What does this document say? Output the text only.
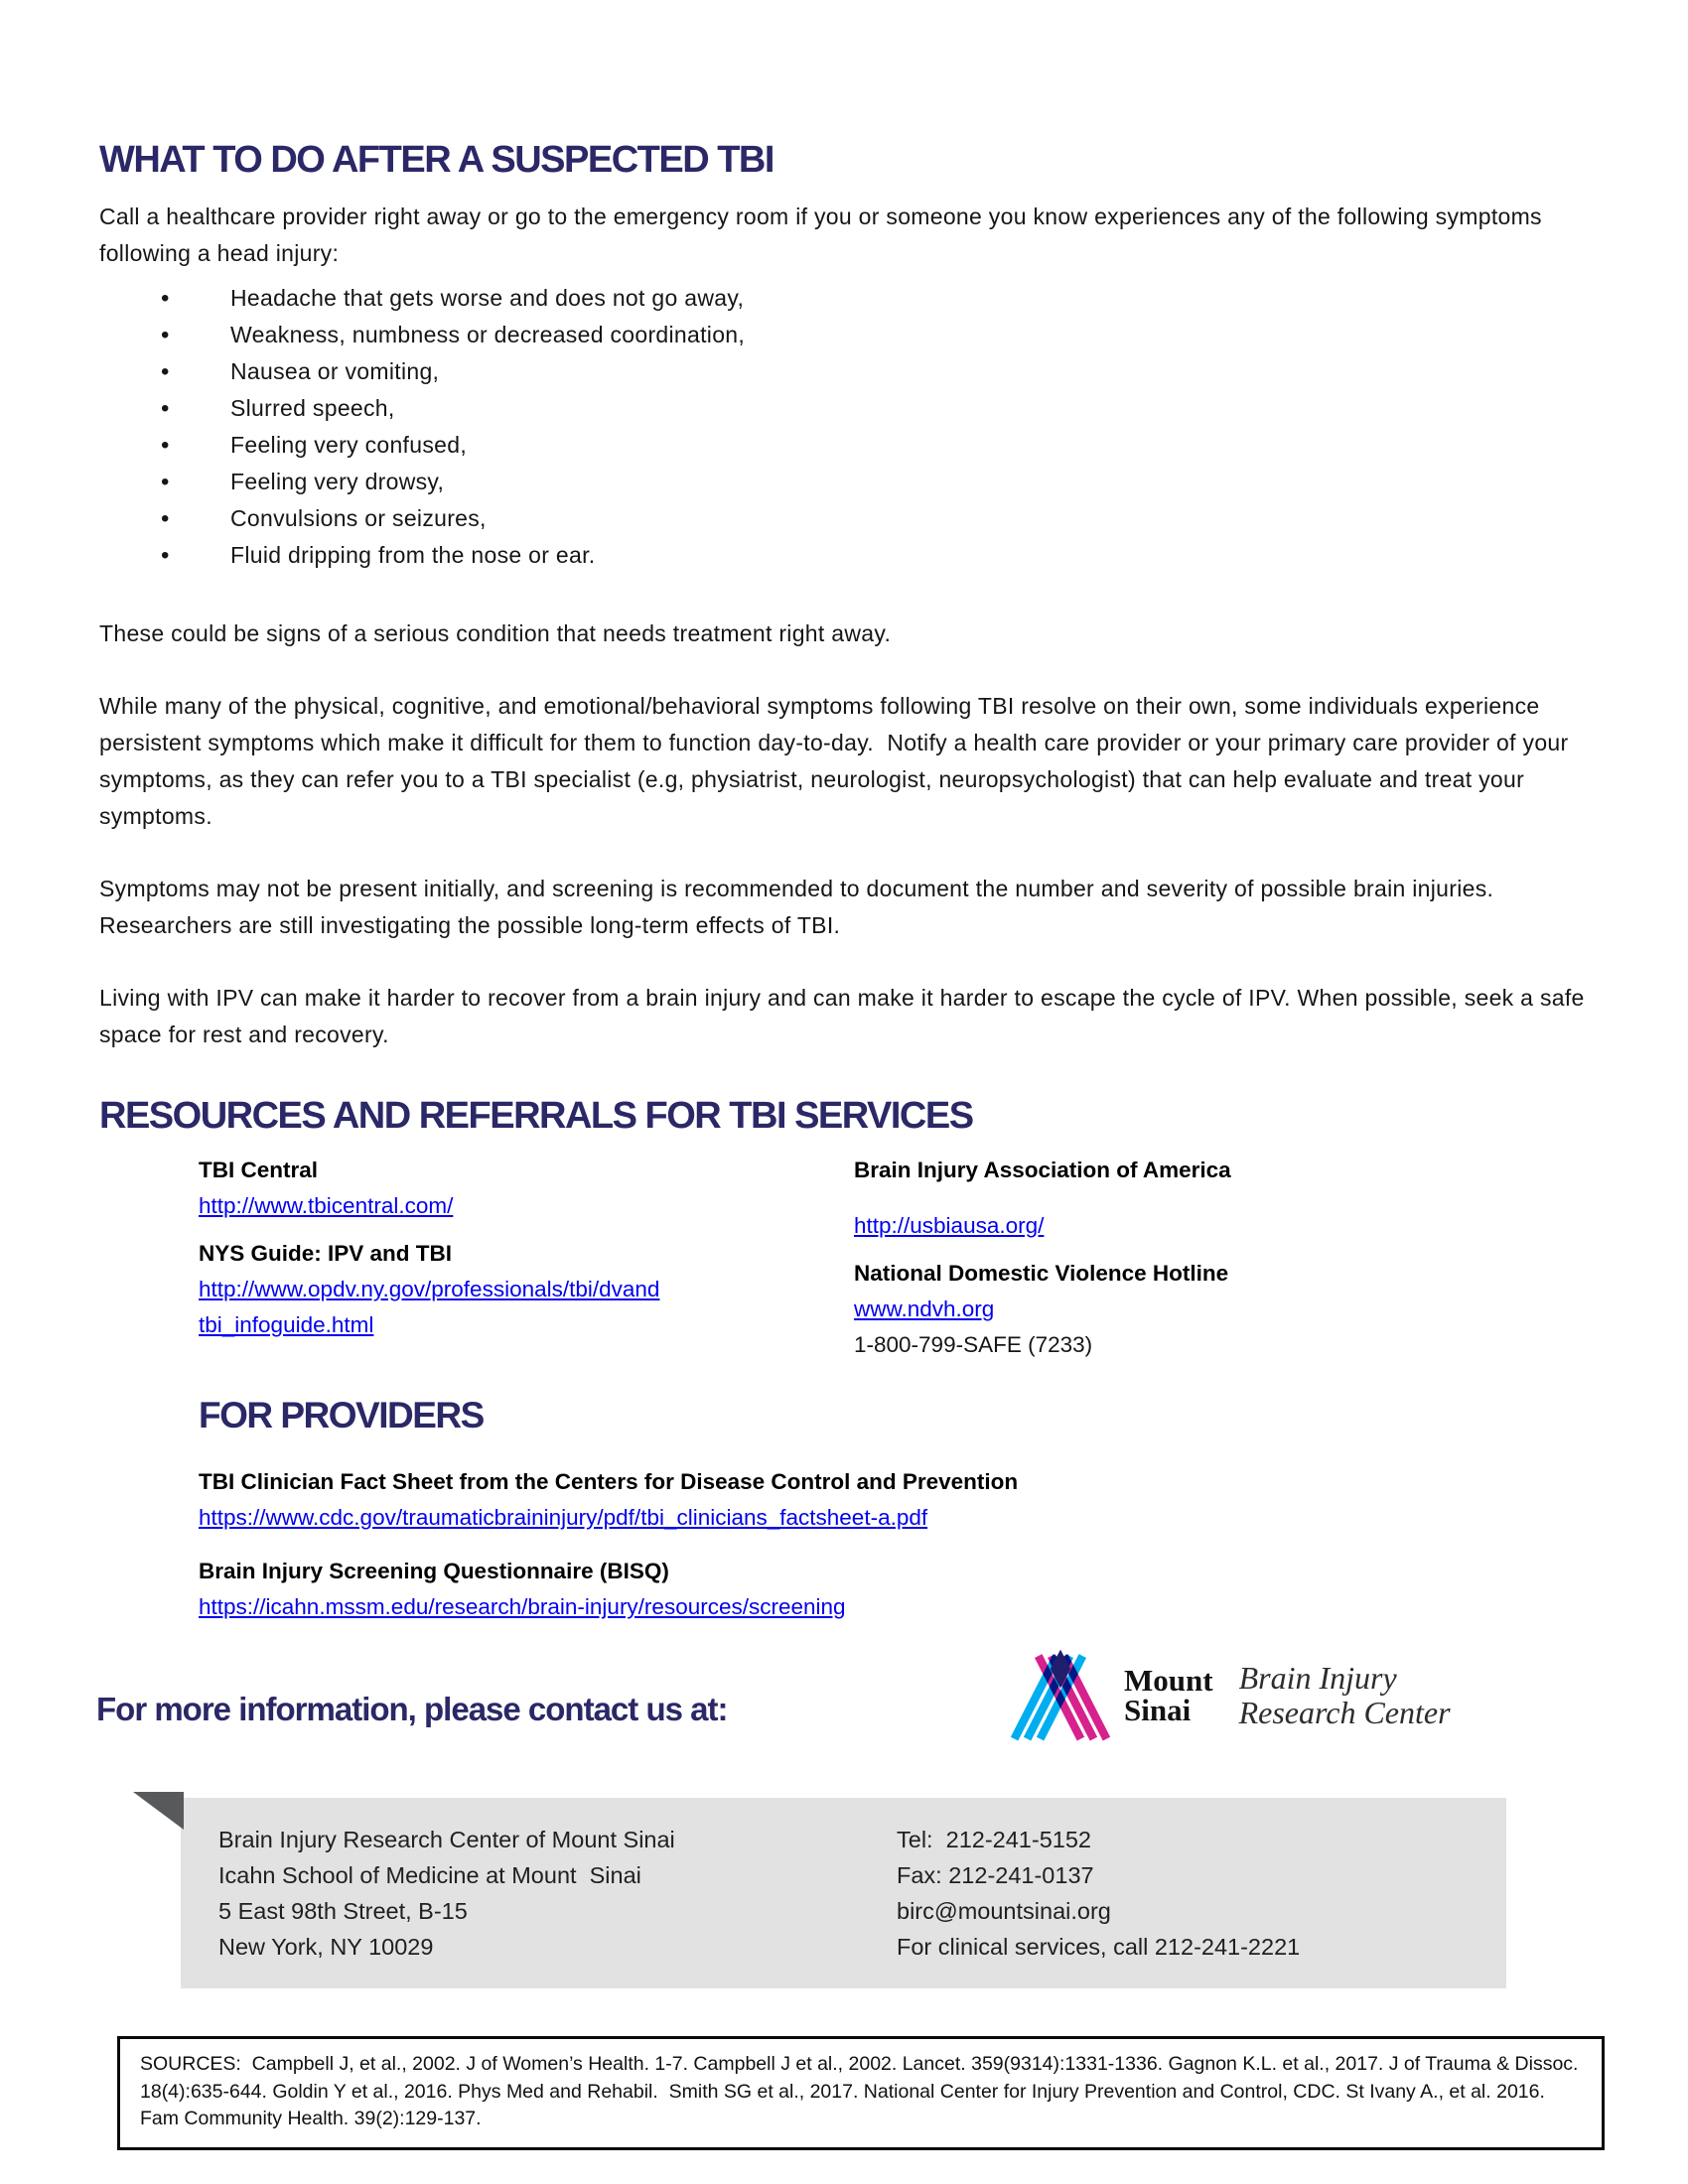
WHAT TO DO AFTER A SUSPECTED TBI

Call a healthcare provider right away or go to the emergency room if you or someone you know experiences any of the following symptoms following a head injury:

• Headache that gets worse and does not go away,
• Weakness, numbness or decreased coordination,
• Nausea or vomiting,
• Slurred speech,
• Feeling very confused,
• Feeling very drowsy,
• Convulsions or seizures,
• Fluid dripping from the nose or ear.

These could be signs of a serious condition that needs treatment right away.

While many of the physical, cognitive, and emotional/behavioral symptoms following TBI resolve on their own, some individuals experience persistent symptoms which make it difficult for them to function day-to-day.  Notify a health care provider or your primary care provider of your symptoms, as they can refer you to a TBI specialist (e.g, physiatrist, neurologist, neuropsychologist) that can help evaluate and treat your symptoms.

Symptoms may not be present initially, and screening is recommended to document the number and severity of possible brain injuries. Researchers are still investigating the possible long-term effects of TBI.

Living with IPV can make it harder to recover from a brain injury and can make it harder to escape the cycle of IPV. When possible, seek a safe space for rest and recovery.

RESOURCES AND REFERRALS FOR TBI SERVICES
TBI Central
http://www.tbicentral.com/
NYS Guide: IPV and TBI
http://www.opdv.ny.gov/professionals/tbi/dvand
tbi_infoguide.html
Brain Injury Association of America
http://usbiausa.org/
National Domestic Violence Hotline
www.ndvh.org
1-800-799-SAFE (7233)
FOR PROVIDERS
TBI Clinician Fact Sheet from the Centers for Disease Control and Prevention
https://www.cdc.gov/traumaticbraininjury/pdf/tbi_clinicians_factsheet-a.pdf
Brain Injury Screening Questionnaire (BISQ)
https://icahn.mssm.edu/research/brain-injury/resources/screening
For more information, please contact us at:
Mount
Sinai
Brain Injury
Research Center
Brain Injury Research Center of Mount Sinai
Icahn School of Medicine at Mount  Sinai
5 East 98th Street, B-15
New York, NY 10029
Tel:  212-241-5152
Fax: 212-241-0137
birc@mountsinai.org
For clinical services, call 212-241-2221
SOURCES:  Campbell J, et al., 2002. J of Women’s Health. 1-7. Campbell J et al., 2002. Lancet. 359(9314):1331-1336. Gagnon K.L. et al., 2017. J of Trauma & Dissoc. 18(4):635-644. Goldin Y et al., 2016. Phys Med and Rehabil.  Smith SG et al., 2017. National Center for Injury Prevention and Control, CDC. St Ivany A., et al. 2016. Fam Community Health. 39(2):129-137.
